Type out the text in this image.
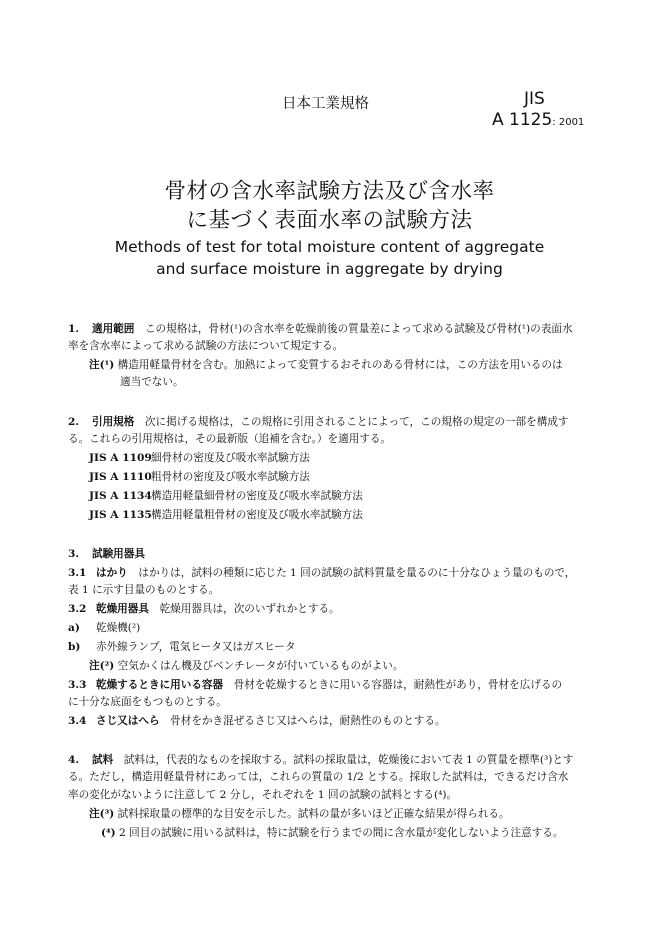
日本工業規格	JIS
A 1125: 2001
骨材の含水率試験方法及び含水率
に基づく表面水率の試験方法
Methods of test for total moisture content of aggregate
and surface moisture in aggregate by drying
1. 適用範囲　 この規格は，骨材(¹)の含水率を乾燥前後の質量差によって求める試験及び骨材(¹)の表面水
率を含水率によって求める試験の方法について規定する。
注(¹) 構造用軽量骨材を含む。加熱によって変質するおそれのある骨材には，この方法を用いるのは
適当でない。
2. 引用規格　 次に掲げる規格は，この規格に引用されることによって，この規格の規定の一部を構成す
る。これらの引用規格は，その最新版（追補を含む。）を適用する。
JIS A 1109細骨材の密度及び吸水率試験方法
JIS A 1110粗骨材の密度及び吸水率試験方法
JIS A 1134構造用軽量細骨材の密度及び吸水率試験方法
JIS A 1135構造用軽量粗骨材の密度及び吸水率試験方法
3. 試験用器具
3.1 はかり　 はかりは，試料の種類に応じた 1 回の試験の試料質量を量るのに十分なひょう量のもので，
表 1 に示す目量のものとする。
3.2 乾燥用器具　 乾燥用器具は，次のいずれかとする。
a) 乾燥機(²)
b) 赤外線ランプ，電気ヒータ又はガスヒータ
注(²) 空気かくはん機及びベンチレータが付いているものがよい。
3.3 乾燥するときに用いる容器　 骨材を乾燥するときに用いる容器は，耐熱性があり，骨材を広げるの
に十分な底面をもつものとする。
3.4 さじ又はへら　 骨材をかき混ぜるさじ又はへらは，耐熱性のものとする。
4. 試料　 試料は，代表的なものを採取する。試料の採取量は，乾燥後において表 1 の質量を標準(³)とす
る。ただし，構造用軽量骨材にあっては，これらの質量の 1/2 とする。採取した試料は，できるだけ含水
率の変化がないように注意して 2 分し，それぞれを 1 回の試験の試料とする(⁴)。
注(³) 試料採取量の標準的な目安を示した。試料の量が多いほど正確な結果が得られる。
(⁴) 2 回目の試験に用いる試料は，特に試験を行うまでの間に含水量が変化しないよう注意する。
